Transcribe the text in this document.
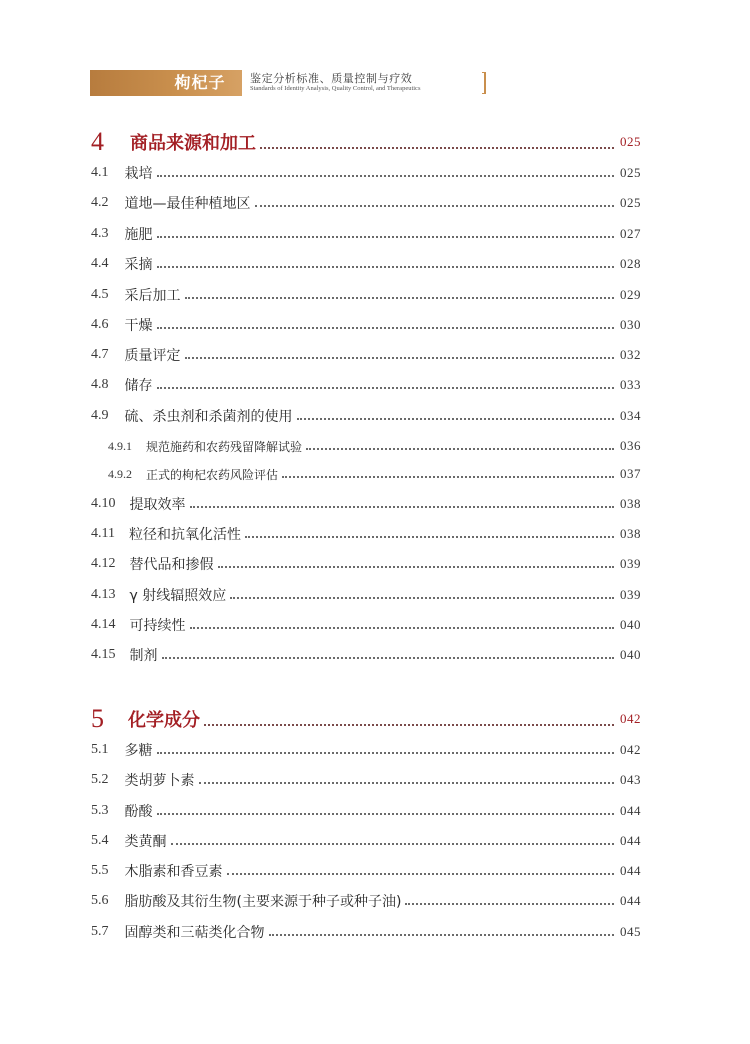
枸杞子	鉴定分析标准、质量控制与疗效
Standards of Identity Analysis, Quality Control, and Therapeutics
4 商品来源和加工	025
4.1 栽培	025
4.2 道地—最佳种植地区	025
4.3 施肥	027
4.4 采摘	028
4.5 采后加工	029
4.6 干燥	030
4.7 质量评定	032
4.8 储存	033
4.9 硫、杀虫剂和杀菌剂的使用	034
4.9.1 规范施药和农药残留降解试验	036
4.9.2 正式的枸杞农药风险评估	037
4.10 提取效率	038
4.11 粒径和抗氧化活性	038
4.12 替代品和掺假	039
4.13 γ 射线辐照效应	039
4.14 可持续性	040
4.15 制剂	040
5 化学成分	042
5.1 多糖	042
5.2 类胡萝卜素	043
5.3 酚酸	044
5.4 类黄酮	044
5.5 木脂素和香豆素	044
5.6 脂肪酸及其衍生物(主要来源于种子或种子油)	044
5.7 固醇类和三萜类化合物	045
